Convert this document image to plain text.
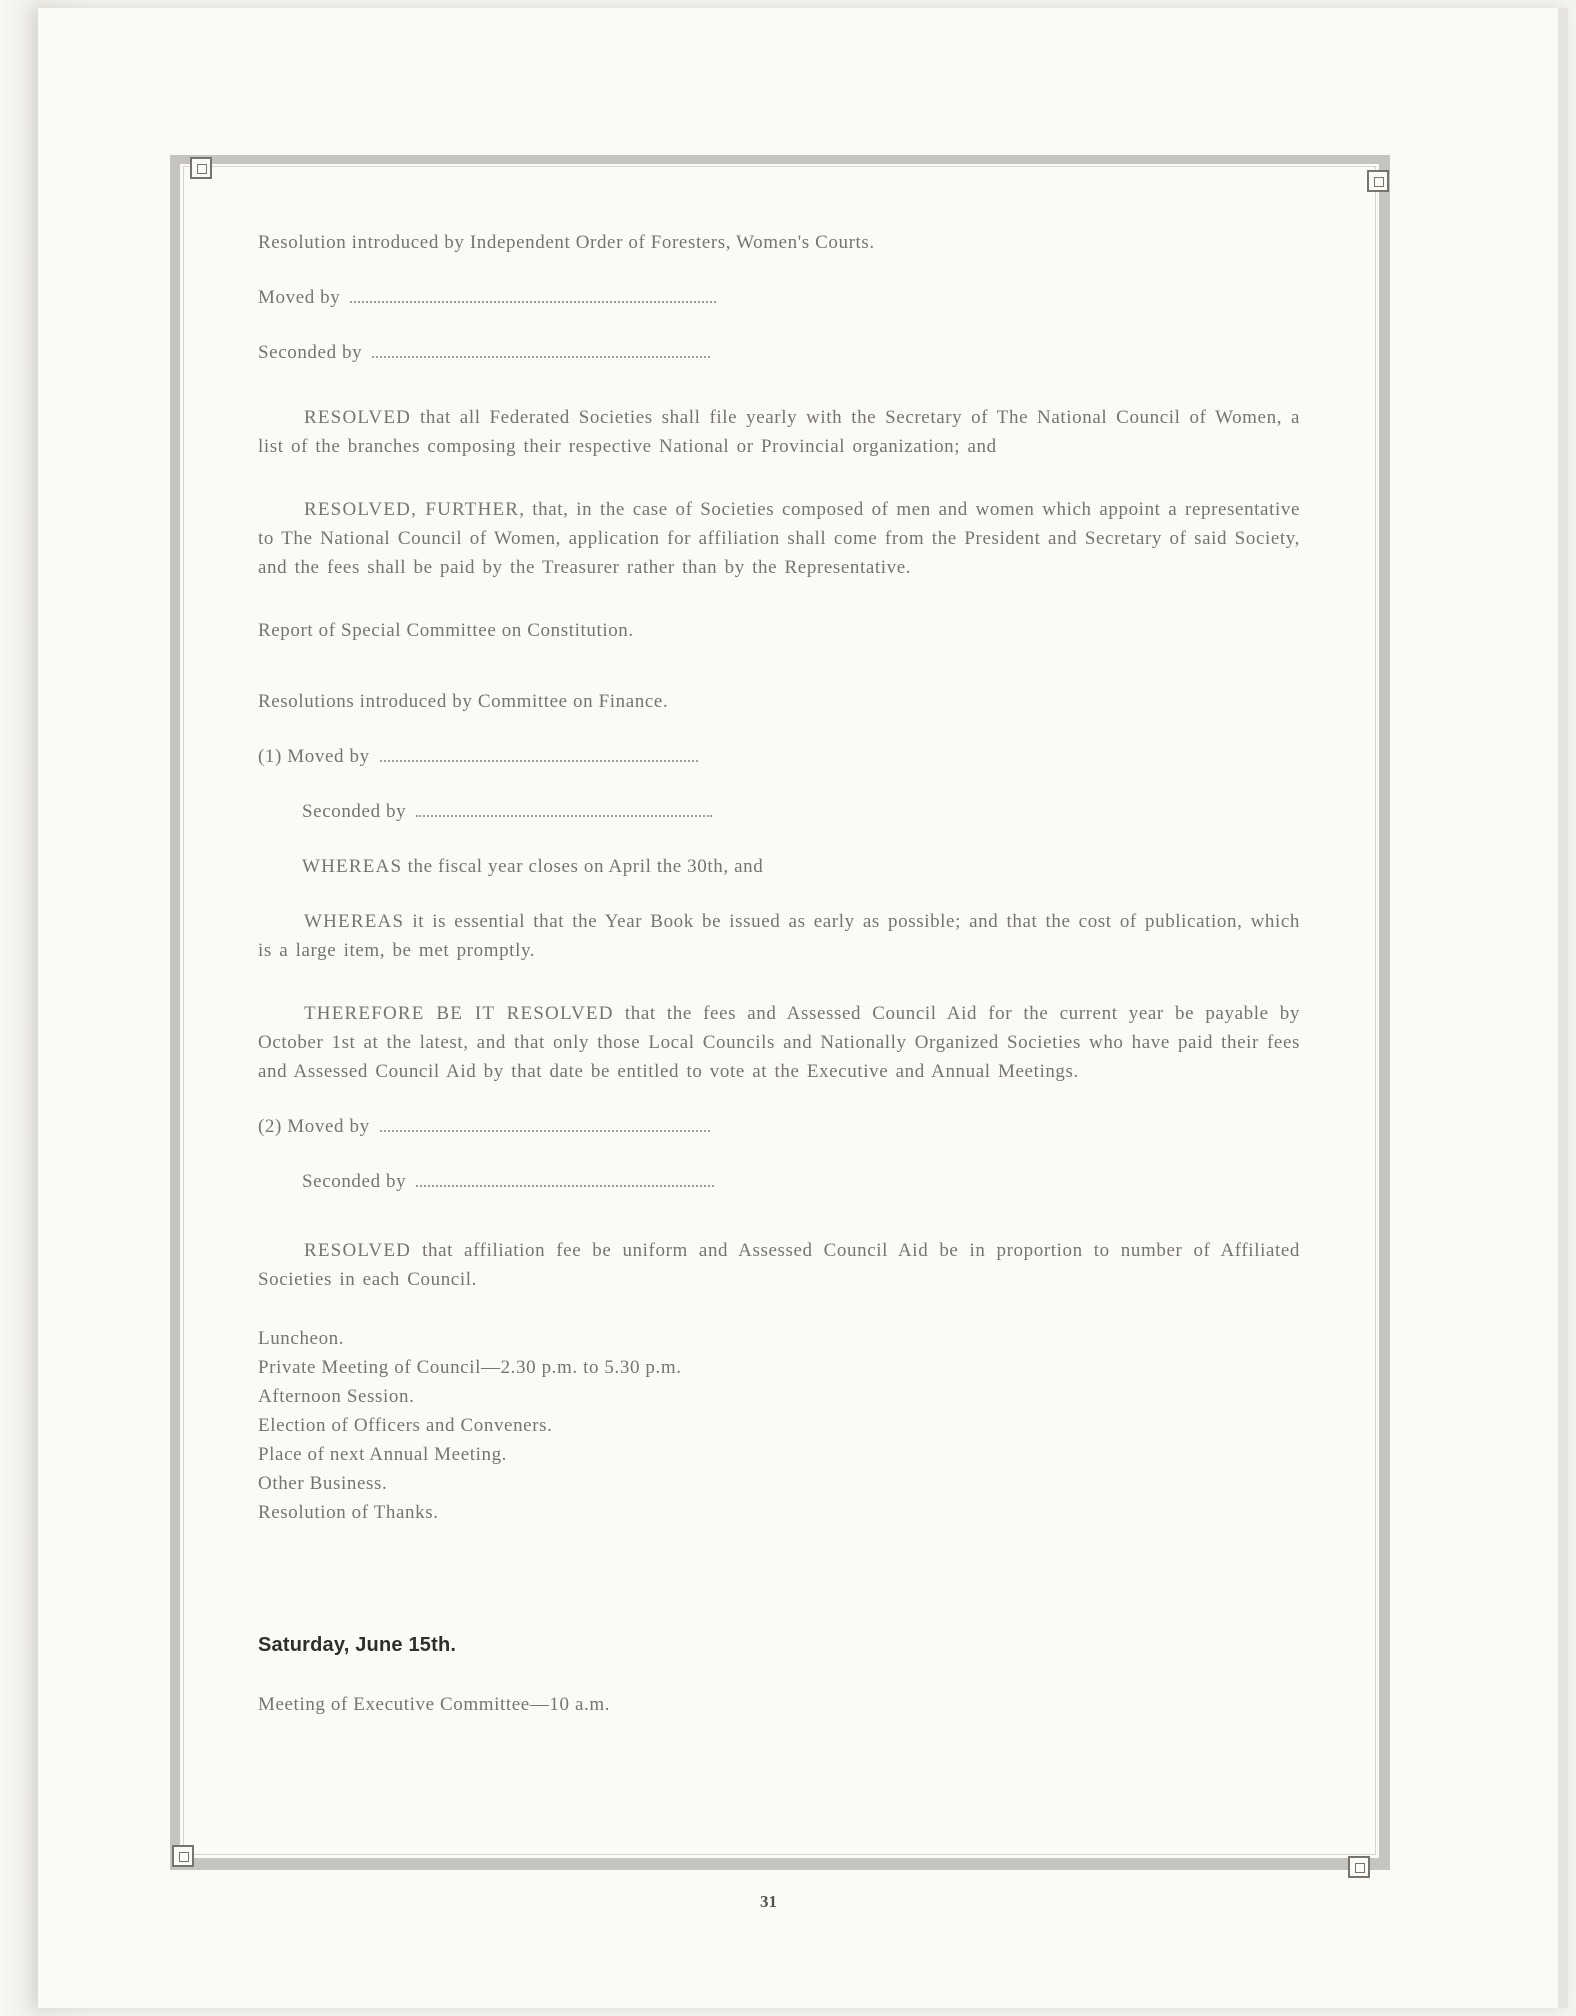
Resolution introduced by Independent Order of Foresters, Women's Courts.

Moved by

Seconded by

RESOLVED that all Federated Societies shall file yearly with the Secretary of The National Council of Women, a list of the branches composing their respective National or Provincial organization; and

RESOLVED, FURTHER, that, in the case of Societies composed of men and women which appoint a representative to The National Council of Women, application for affiliation shall come from the President and Secretary of said Society, and the fees shall be paid by the Treasurer rather than by the Representative.

Report of Special Committee on Constitution.

Resolutions introduced by Committee on Finance.

(1) Moved by

Seconded by

WHEREAS the fiscal year closes on April the 30th, and

WHEREAS it is essential that the Year Book be issued as early as possible; and that the cost of publication, which is a large item, be met promptly.

THEREFORE BE IT RESOLVED that the fees and Assessed Council Aid for the current year be payable by October 1st at the latest, and that only those Local Councils and Nationally Organized Societies who have paid their fees and Assessed Council Aid by that date be entitled to vote at the Executive and Annual Meetings.

(2) Moved by

Seconded by

RESOLVED that affiliation fee be uniform and Assessed Council Aid be in proportion to number of Affiliated Societies in each Council.

Luncheon.

Private Meeting of Council—2.30 p.m. to 5.30 p.m.

Afternoon Session.

Election of Officers and Conveners.

Place of next Annual Meeting.

Other Business.

Resolution of Thanks.

Saturday, June 15th.

Meeting of Executive Committee—10 a.m.

31
